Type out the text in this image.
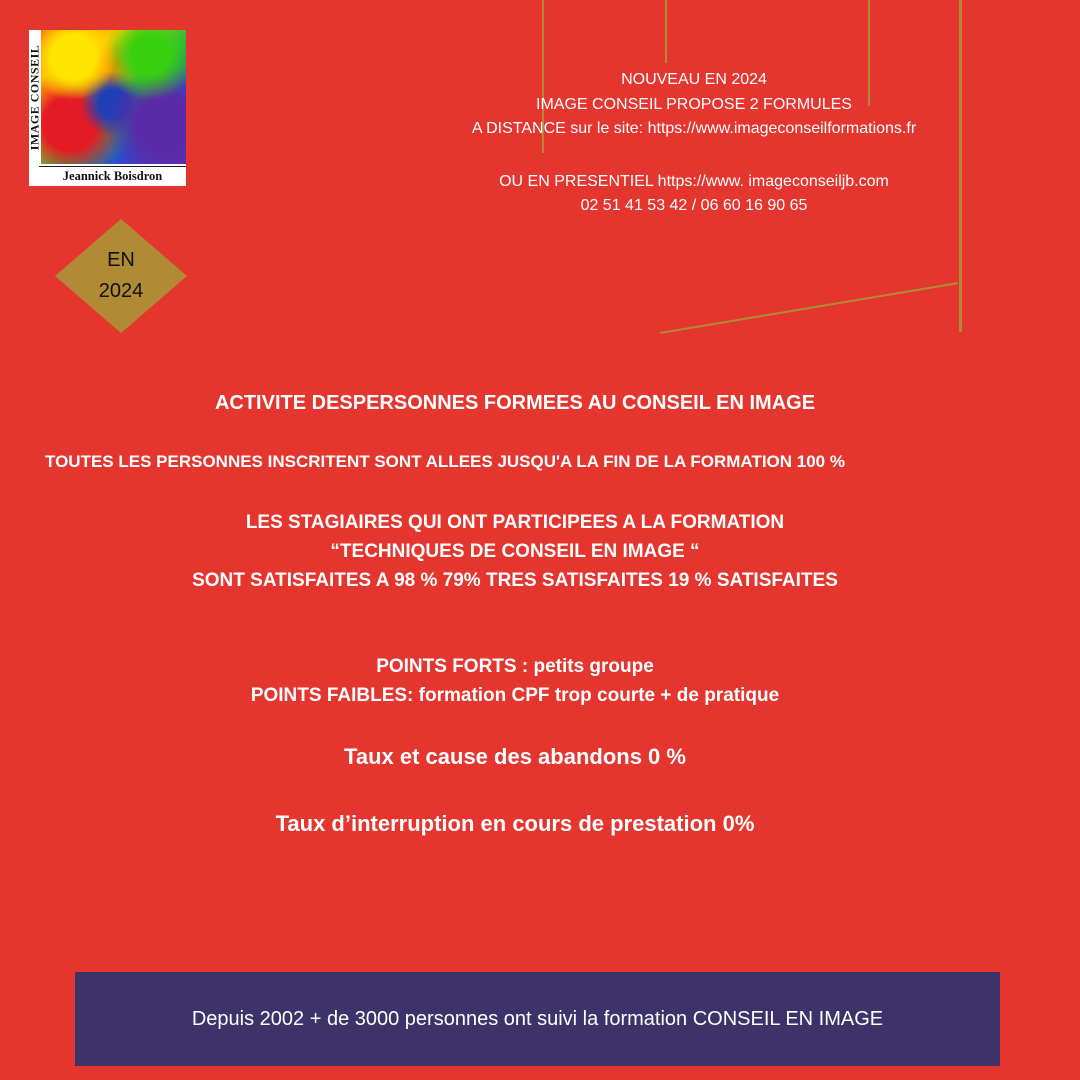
IMAGE CONSEIL
Jeannick Boisdron
NOUVEAU EN 2024
IMAGE CONSEIL PROPOSE 2 FORMULES
A DISTANCE sur le site: https://www.imageconseilformations.fr
OU EN PRESENTIEL https://www. imageconseiljb.com
02 51 41 53 42 / 06 60 16 90 65
EN
2024
ACTIVITE DESPERSONNES FORMEES AU CONSEIL EN IMAGE
TOUTES LES PERSONNES INSCRITENT SONT ALLEES JUSQU'A LA FIN DE LA FORMATION 100 %
LES STAGIAIRES QUI ONT PARTICIPEES A LA FORMATION
“TECHNIQUES DE CONSEIL EN IMAGE “
SONT SATISFAITES A 98 % 79% TRES SATISFAITES 19 % SATISFAITES
POINTS FORTS : petits groupe
POINTS FAIBLES: formation CPF trop courte + de pratique
Taux et cause des abandons 0 %
Taux d’interruption en cours de prestation 0%
Depuis 2002 + de 3000 personnes ont suivi la formation CONSEIL EN IMAGE
